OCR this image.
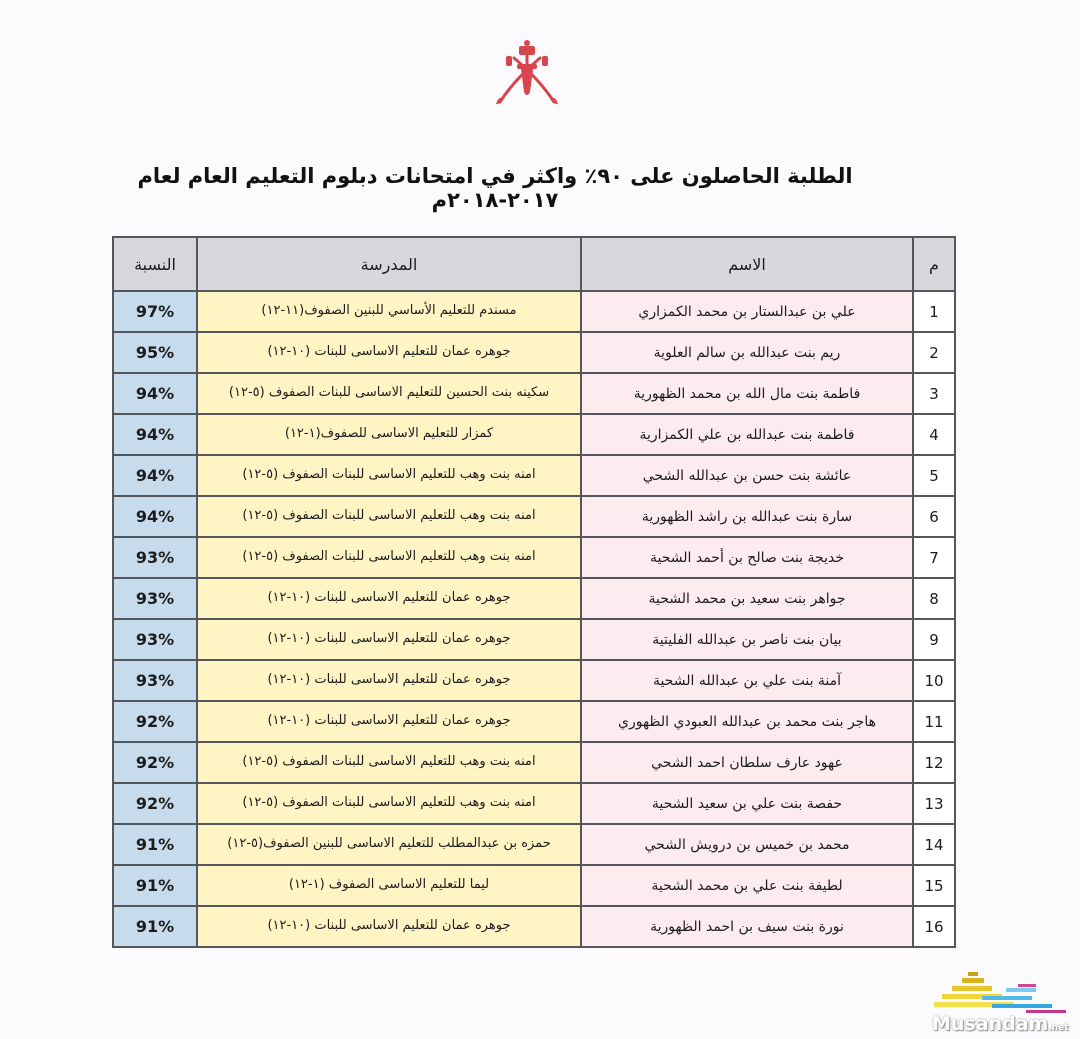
الطلبة الحاصلون على ٩٠٪ واكثر في امتحانات دبلوم التعليم العام لعام ٢٠١٧-٢٠١٨م
النسبة	المدرسة	الاسم	م
97%	مسندم للتعليم الأساسي للبنين الصفوف(١١-١٢)	علي بن عبدالستار بن محمد الكمزاري	1
95%	جوهره عمان للتعليم الاساسى للبنات (١٠-١٢)	ريم بنت عبدالله بن سالم العلوية	2
94%	سكينه بنت الحسين للتعليم الاساسى للبنات الصفوف (٥-١٢)	فاطمة بنت مال الله بن محمد الظهورية	3
94%	كمزار للتعليم الاساسى للصفوف(١-١٢)	فاطمة بنت عبدالله بن علي الكمزارية	4
94%	امنه بنت وهب للتعليم الاساسى للبنات الصفوف (٥-١٢)	عائشة بنت حسن بن عبدالله الشحي	5
94%	امنه بنت وهب للتعليم الاساسى للبنات الصفوف (٥-١٢)	سارة بنت عبدالله بن راشد الظهورية	6
93%	امنه بنت وهب للتعليم الاساسى للبنات الصفوف (٥-١٢)	خديجة بنت صالح بن أحمد الشحية	7
93%	جوهره عمان للتعليم الاساسى للبنات (١٠-١٢)	جواهر بنت سعيد بن محمد الشحية	8
93%	جوهره عمان للتعليم الاساسى للبنات (١٠-١٢)	بيان بنت ناصر بن عبدالله الفليتية	9
93%	جوهره عمان للتعليم الاساسى للبنات (١٠-١٢)	آمنة بنت علي بن عبدالله الشحية	10
92%	جوهره عمان للتعليم الاساسى للبنات (١٠-١٢)	هاجر بنت محمد بن عبدالله العبودي الظهوري	11
92%	امنه بنت وهب للتعليم الاساسى للبنات الصفوف (٥-١٢)	عهود عارف سلطان احمد الشحي	12
92%	امنه بنت وهب للتعليم الاساسى للبنات الصفوف (٥-١٢)	حفصة بنت علي بن سعيد الشحية	13
91%	حمزه بن عبدالمطلب للتعليم الاساسى للبنين الصفوف(٥-١٢)	محمد بن خميس بن درويش الشحي	14
91%	ليما للتعليم الاساسى الصفوف (١-١٢)	لطيفة بنت علي بن محمد الشحية	15
91%	جوهره عمان للتعليم الاساسى للبنات (١٠-١٢)	نورة بنت سيف بن احمد الظهورية	16
Musandam.net
